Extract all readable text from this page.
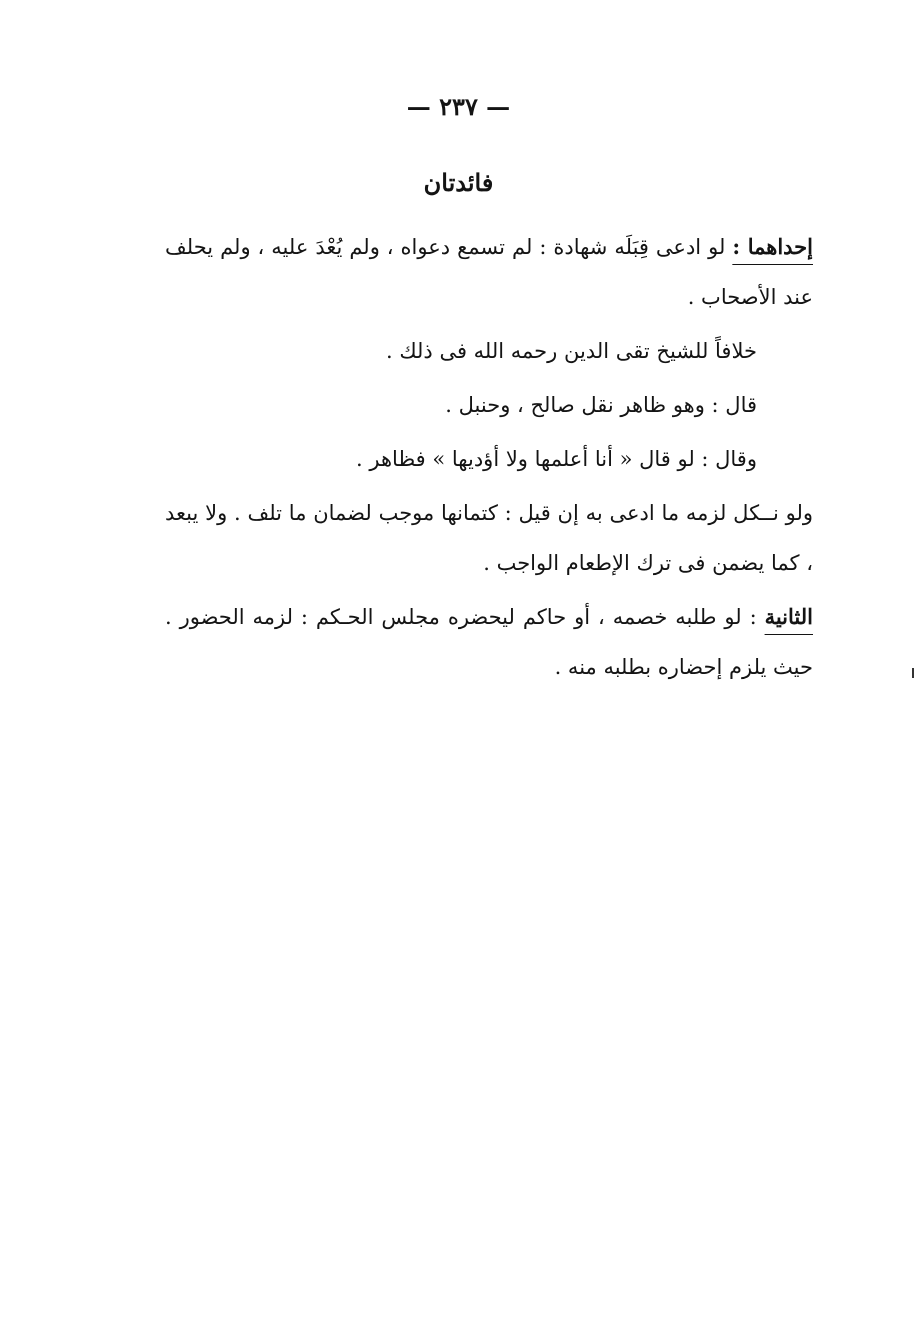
— ٢٣٧ —
فائدتان

إحداهما : لو ادعى قِبَلَه شهادة : لم تسمع دعواه ، ولم يُعْدَ عليه ، ولم يحلف عند الأصحاب .

خلافاً للشيخ تقى الدين رحمه الله فى ذلك .

قال : وهو ظاهر نقل صالح ، وحنبل .

وقال : لو قال « أنا أعلمها ولا أؤديها » فظاهر .

ولو نــكل لزمه ما ادعى به إن قيل : كتمانها موجب لضمان ما تلف . ولا يبعد ، كما يضمن فى ترك الإطعام الواجب .

الثانية : لو طلبه خصمه ، أو حاكم ليحضره مجلس الحـكم : لزمه الحضور . حيث يلزم إحضاره بطلبه منه .
